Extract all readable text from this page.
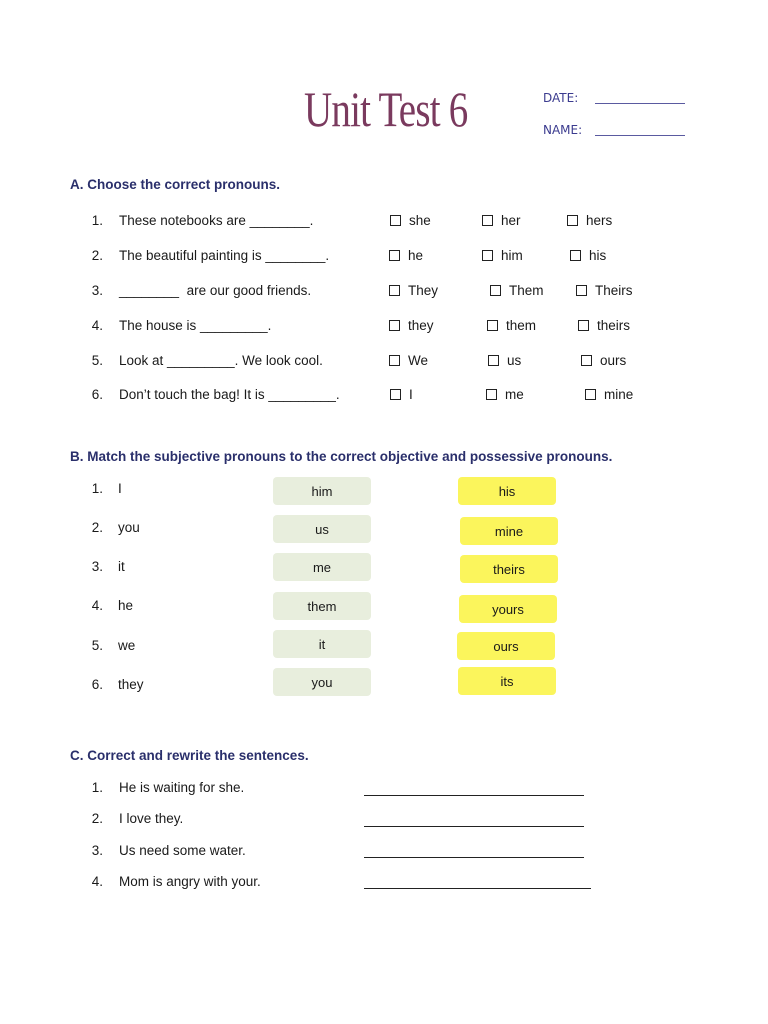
Unit Test 6	DATE:
NAME:
A. Choose the correct pronouns.
1. These notebooks are ________.	she	her	hers
2. The beautiful painting is ________.	he	him	his
3. ________  are our good friends.	They	Them	Theirs
4. The house is _________.	they	them	theirs
5. Look at _________. We look cool.	We	us	ours
6. Don’t touch the bag! It is _________.	I	me	mine
B. Match the subjective pronouns to the correct objective and possessive pronouns.
1. I
2. you
3. it
4. he
5. we
6. they
him
us
me
them
it
you
his
mine
theirs
yours
ours
its
C. Correct and rewrite the sentences.
1. He is waiting for she.
2. I love they.
3. Us need some water.
4. Mom is angry with your.
